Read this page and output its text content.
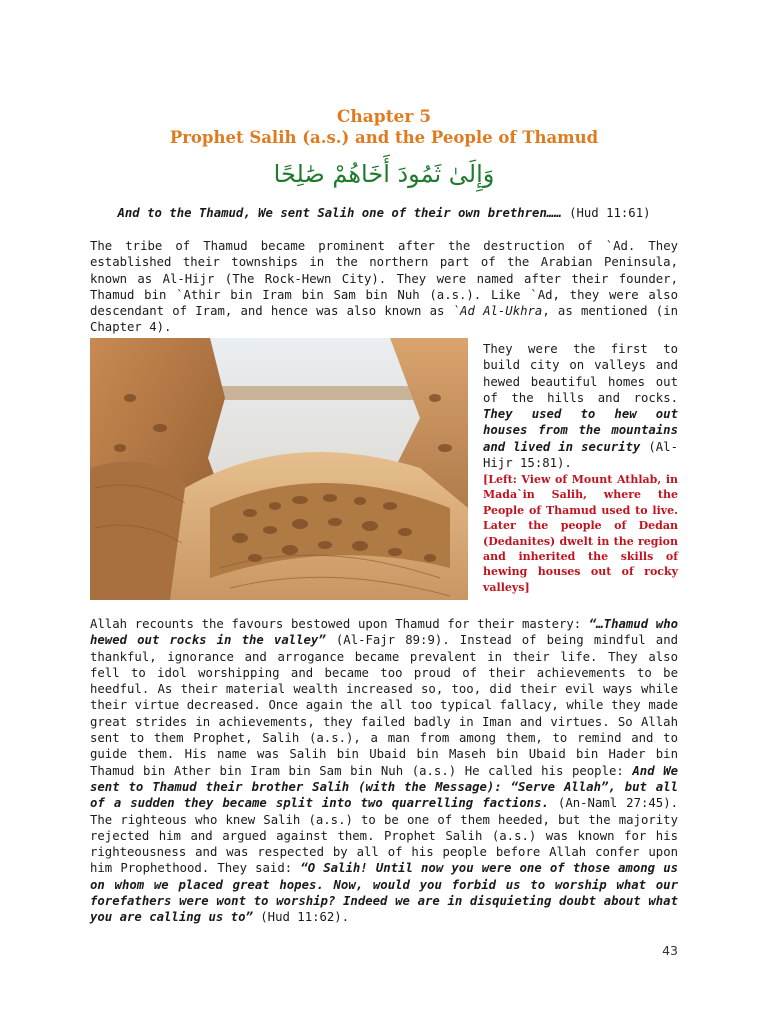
Chapter 5
Prophet Salih (a.s.) and the People of Thamud
وَإِلَىٰ ثَمُودَ أَخَاهُمْ صَٰلِحًا
And to the Thamud, We sent Salih one of their own brethren…… (Hud 11:61)
The tribe of Thamud became prominent after the destruction of `Ad. They established their townships in the northern part of the Arabian Peninsula, known as Al-Hijr (The Rock-Hewn City). They were named after their founder, Thamud bin `Athir bin Iram bin Sam bin Nuh (a.s.). Like `Ad, they were also descendant of Iram, and hence was also known as `Ad Al-Ukhra, as mentioned (in Chapter 4).
They were the first to build city on valleys and hewed beautiful homes out of the hills and rocks. They used to hew out houses from the mountains and lived in security (Al-Hijr 15:81).
[Left: View of Mount Athlab, in Mada`in Salih, where the People of Thamud used to live. Later the people of Dedan (Dedanites) dwelt in the region and inherited the skills of hewing houses out of rocky valleys]
Allah recounts the favours bestowed upon Thamud for their mastery: “…Thamud who hewed out rocks in the valley” (Al-Fajr 89:9). Instead of being mindful and thankful, ignorance and arrogance became prevalent in their life. They also fell to idol worshipping and became too proud of their achievements to be heedful. As their material wealth increased so, too, did their evil ways while their virtue decreased. Once again the all too typical fallacy, while they made great strides in achievements, they failed badly in Iman and virtues. So Allah sent to them Prophet, Salih (a.s.), a man from among them, to remind and to guide them. His name was Salih bin Ubaid bin Maseh bin Ubaid bin Hader bin Thamud bin Ather bin Iram bin Sam bin Nuh (a.s.) He called his people: And We sent to Thamud their brother Salih (with the Message): “Serve Allah”, but all of a sudden they became split into two quarrelling factions. (An-Naml 27:45). The righteous who knew Salih (a.s.) to be one of them heeded, but the majority rejected him and argued against them. Prophet Salih (a.s.) was known for his righteousness and was respected by all of his people before Allah confer upon him Prophethood. They said: “O Salih! Until now you were one of those among us on whom we placed great hopes. Now, would you forbid us to worship what our forefathers were wont to worship? Indeed we are in disquieting doubt about what you are calling us to” (Hud 11:62).
43
